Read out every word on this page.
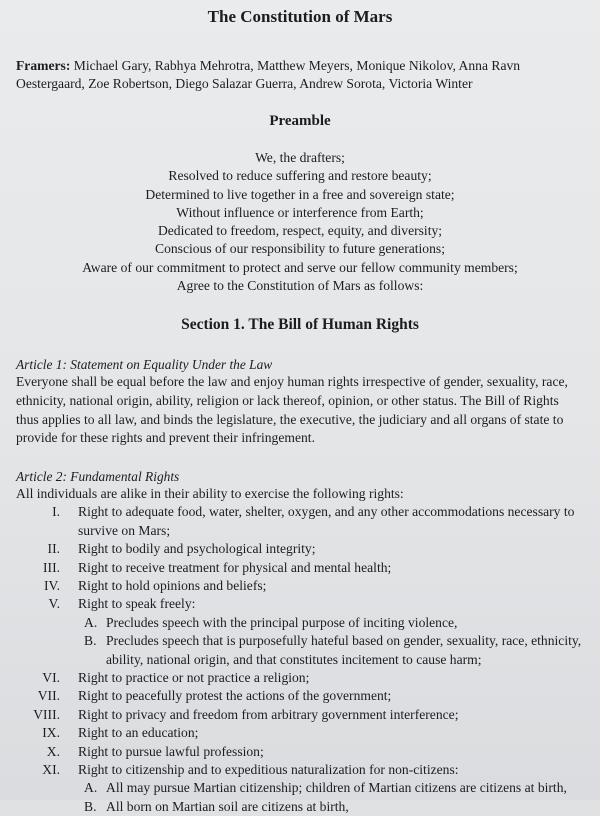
The Constitution of Mars
Framers: Michael Gary, Rabhya Mehrotra, Matthew Meyers, Monique Nikolov, Anna Ravn Oestergaard, Zoe Robertson, Diego Salazar Guerra, Andrew Sorota, Victoria Winter
Preamble
We, the drafters;
Resolved to reduce suffering and restore beauty;
Determined to live together in a free and sovereign state;
Without influence or interference from Earth;
Dedicated to freedom, respect, equity, and diversity;
Conscious of our responsibility to future generations;
Aware of our commitment to protect and serve our fellow community members;
Agree to the Constitution of Mars as follows:
Section 1. The Bill of Human Rights
Article 1: Statement on Equality Under the Law
Everyone shall be equal before the law and enjoy human rights irrespective of gender, sexuality, race, ethnicity, national origin, ability, religion or lack thereof, opinion, or other status. The Bill of Rights thus applies to all law, and binds the legislature, the executive, the judiciary and all organs of state to provide for these rights and prevent their infringement.
Article 2: Fundamental Rights
All individuals are alike in their ability to exercise the following rights:
I.	Right to adequate food, water, shelter, oxygen, and any other accommodations necessary to
survive on Mars;
II.	Right to bodily and psychological integrity;
III.	Right to receive treatment for physical and mental health;
IV.	Right to hold opinions and beliefs;
V.	Right to speak freely:
A. Precludes speech with the principal purpose of inciting violence,
B. Precludes speech that is purposefully hateful based on gender, sexuality, race, ethnicity,
ability, national origin, and that constitutes incitement to cause harm;
VI.	Right to practice or not practice a religion;
VII.	Right to peacefully protest the actions of the government;
VIII.	Right to privacy and freedom from arbitrary government interference;
IX.	Right to an education;
X.	Right to pursue lawful profession;
XI.	Right to citizenship and to expeditious naturalization for non-citizens:
A. All may pursue Martian citizenship; children of Martian citizens are citizens at birth,
B. All born on Martian soil are citizens at birth,
